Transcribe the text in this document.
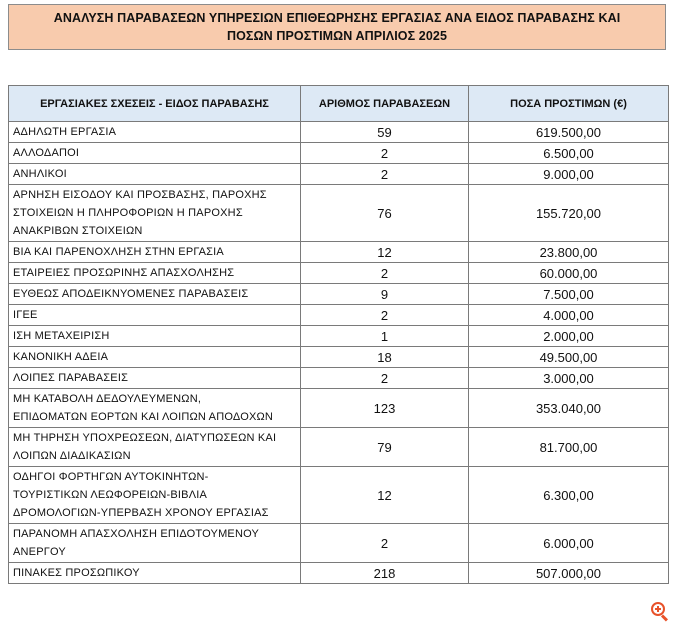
ΑΝΑΛΥΣΗ ΠΑΡΑΒΑΣΕΩΝ ΥΠΗΡΕΣΙΩΝ ΕΠΙΘΕΩΡΗΣΗΣ ΕΡΓΑΣΙΑΣ ΑΝΑ ΕΙΔΟΣ ΠΑΡΑΒΑΣΗΣ ΚΑΙ
ΠΟΣΩΝ ΠΡΟΣΤΙΜΩΝ ΑΠΡΙΛΙΟΣ 2025
ΕΡΓΑΣΙΑΚΕΣ ΣΧΕΣΕΙΣ - ΕΙΔΟΣ ΠΑΡΑΒΑΣΗΣ	ΑΡΙΘΜΟΣ ΠΑΡΑΒΑΣΕΩΝ	ΠΟΣΑ ΠΡΟΣΤΙΜΩΝ (€)

ΑΔΗΛΩΤΗ ΕΡΓΑΣΙΑ	59	619.500,00

ΑΛΛΟΔΑΠΟΙ	2	6.500,00

ΑΝΗΛΙΚΟΙ	2	9.000,00

ΑΡΝΗΣΗ ΕΙΣΟΔΟΥ ΚΑΙ ΠΡΟΣΒΑΣΗΣ, ΠΑΡΟΧΗΣ
ΣΤΟΙΧΕΙΩΝ Η ΠΛΗΡΟΦΟΡΙΩΝ Η ΠΑΡΟΧΗΣ
ΑΝΑΚΡΙΒΩΝ ΣΤΟΙΧΕΙΩΝ	76	155.720,00

ΒΙΑ ΚΑΙ ΠΑΡΕΝΟΧΛΗΣΗ ΣΤΗΝ ΕΡΓΑΣΙΑ	12	23.800,00

ΕΤΑΙΡΕΙΕΣ ΠΡΟΣΩΡΙΝΗΣ ΑΠΑΣΧΟΛΗΣΗΣ	2	60.000,00

ΕΥΘΕΩΣ ΑΠΟΔΕΙΚΝΥΟΜΕΝΕΣ ΠΑΡΑΒΑΣΕΙΣ	9	7.500,00

ΙΓΕΕ	2	4.000,00

ΙΣΗ ΜΕΤΑΧΕΙΡΙΣΗ	1	2.000,00

ΚΑΝΟΝΙΚΗ ΑΔΕΙΑ	18	49.500,00

ΛΟΙΠΕΣ ΠΑΡΑΒΑΣΕΙΣ	2	3.000,00

ΜΗ ΚΑΤΑΒΟΛΗ ΔΕΔΟΥΛΕΥΜΕΝΩΝ,
ΕΠΙΔΟΜΑΤΩΝ ΕΟΡΤΩΝ ΚΑΙ ΛΟΙΠΩΝ ΑΠΟΔΟΧΩΝ	123	353.040,00

ΜΗ ΤΗΡΗΣΗ ΥΠΟΧΡΕΩΣΕΩΝ, ΔΙΑΤΥΠΩΣΕΩΝ ΚΑΙ
ΛΟΙΠΩΝ ΔΙΑΔΙΚΑΣΙΩΝ	79	81.700,00

ΟΔΗΓΟΙ ΦΟΡΤΗΓΩΝ ΑΥΤΟΚΙΝΗΤΩΝ-
ΤΟΥΡΙΣΤΙΚΩΝ ΛΕΩΦΟΡΕΙΩΝ-ΒΙΒΛΙΑ
ΔΡΟΜΟΛΟΓΙΩΝ-ΥΠΕΡΒΑΣΗ ΧΡΟΝΟΥ ΕΡΓΑΣΙΑΣ	12	6.300,00

ΠΑΡΑΝΟΜΗ ΑΠΑΣΧΟΛΗΣΗ ΕΠΙΔΟΤΟΥΜΕΝΟΥ
ΑΝΕΡΓΟΥ	2	6.000,00

ΠΙΝΑΚΕΣ ΠΡΟΣΩΠΙΚΟΥ	218	507.000,00
